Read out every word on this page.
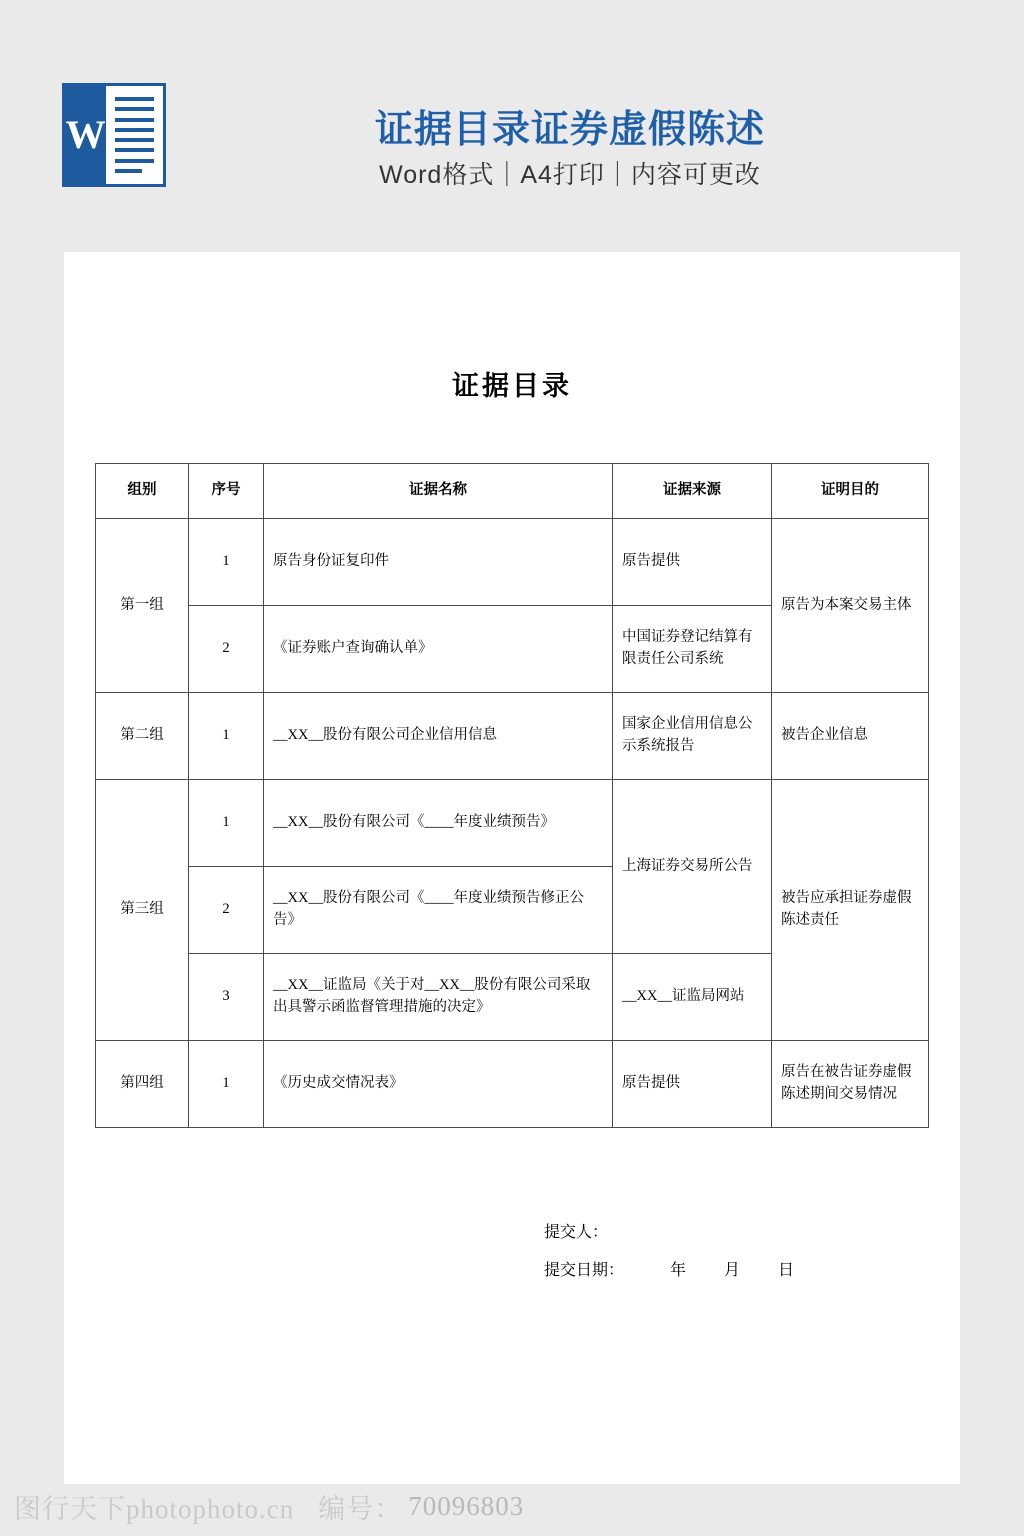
W	证据目录证券虚假陈述
Word格式｜A4打印｜内容可更改
证据目录
组别	序号	证据名称	证据来源	证明目的
第一组	1	原告身份证复印件	原告提供	原告为本案交易主体
	2	《证券账户查询确认单》	中国证券登记结算有限责任公司系统	
第二组	1	__XX__股份有限公司企业信用信息	国家企业信用信息公示系统报告	被告企业信息
第三组	1	__XX__股份有限公司《____年度业绩预告》	上海证券交易所公告	被告应承担证券虚假陈述责任
	2	__XX__股份有限公司《____年度业绩预告修正公告》		
	3	__XX__证监局《关于对__XX__股份有限公司采取出具警示函监督管理措施的决定》	__XX__证监局网站	
第四组	1	《历史成交情况表》	原告提供	原告在被告证券虚假陈述期间交易情况
提交人：
提交日期：	年 月 日
图行天下photophoto.cn 编号： 70096803
